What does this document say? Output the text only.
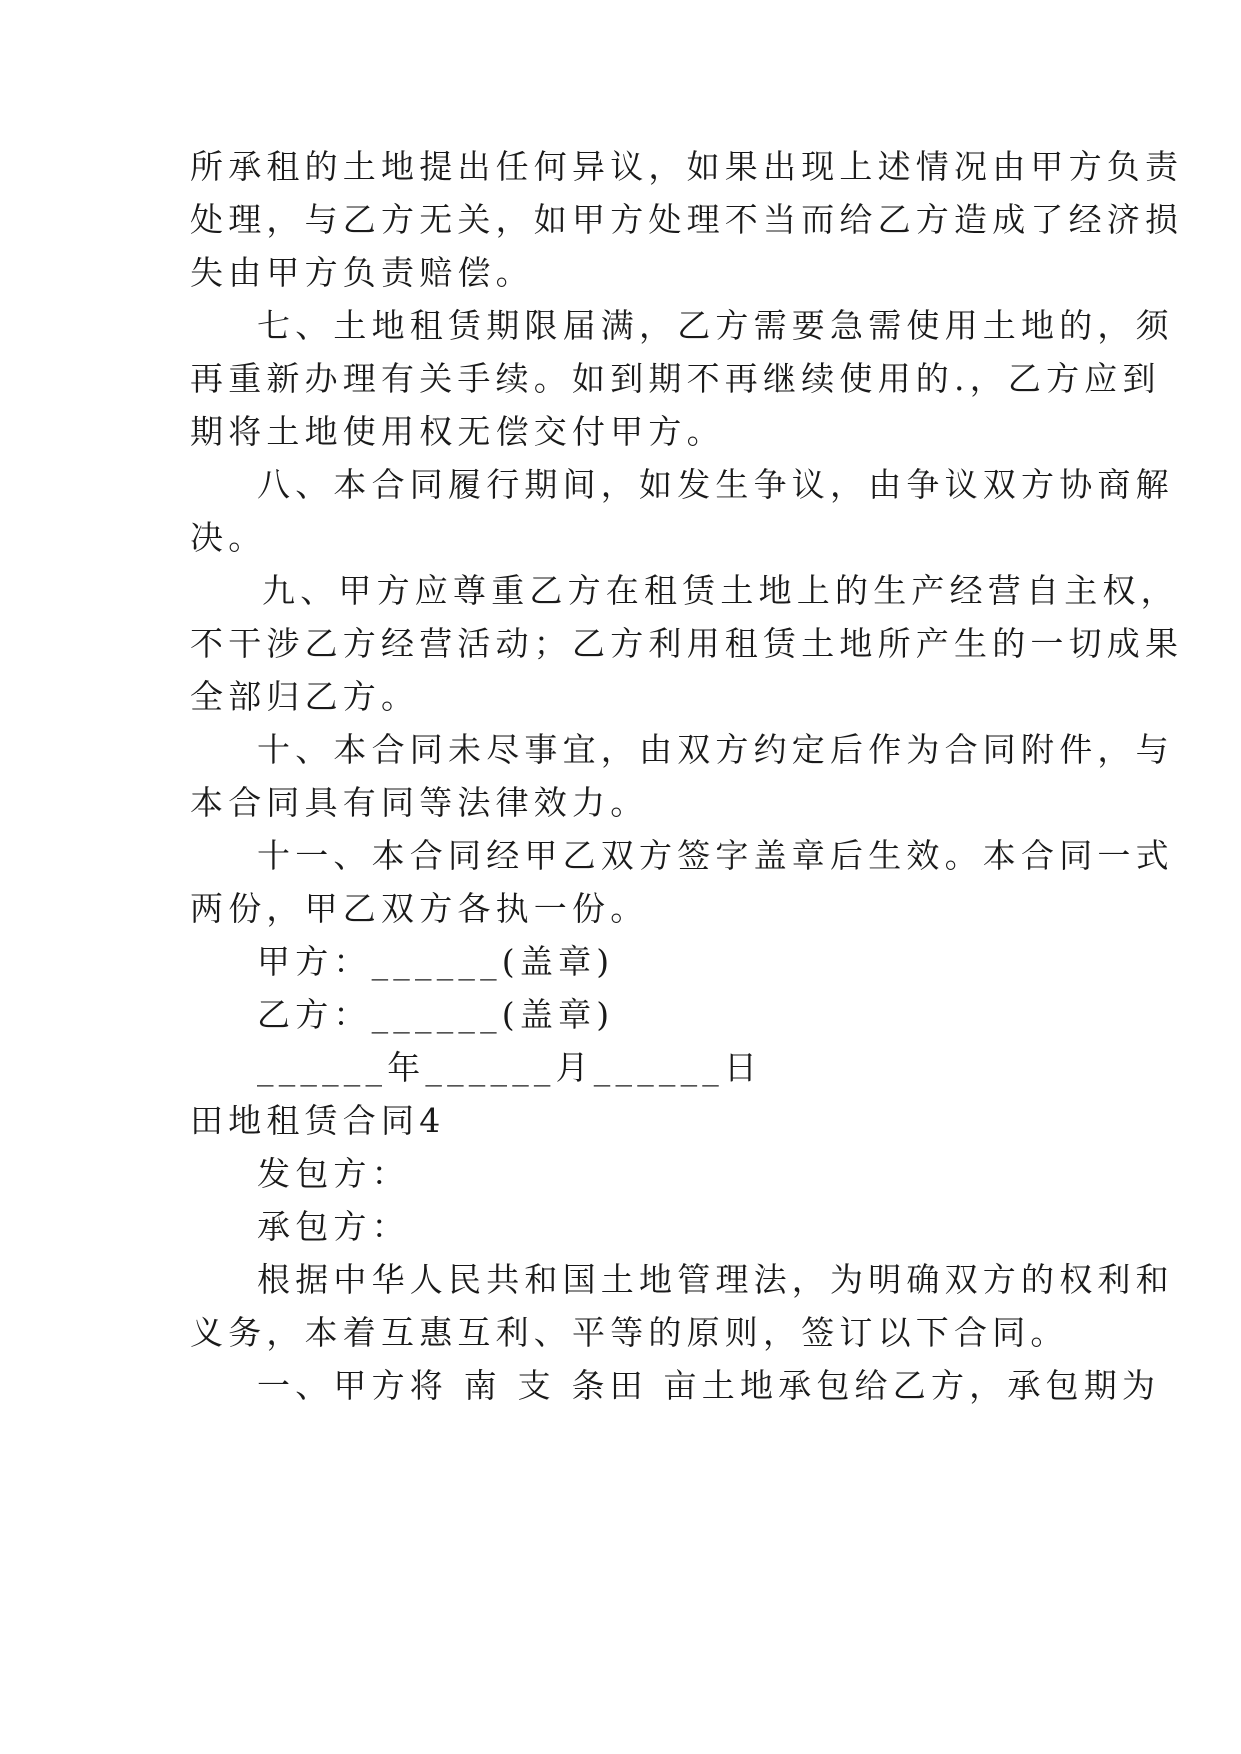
所承租的土地提出任何异议，如果出现上述情况由甲方负责
处理，与乙方无关，如甲方处理不当而给乙方造成了经济损
失由甲方负责赔偿。
七、土地租赁期限届满，乙方需要急需使用土地的，须
再重新办理有关手续。如到期不再继续使用的.，乙方应到
期将土地使用权无偿交付甲方。
八、本合同履行期间，如发生争议，由争议双方协商解
决。
九、甲方应尊重乙方在租赁土地上的生产经营自主权，
不干涉乙方经营活动；乙方利用租赁土地所产生的一切成果
全部归乙方。
十、本合同未尽事宜，由双方约定后作为合同附件，与
本合同具有同等法律效力。
十一、本合同经甲乙双方签字盖章后生效。本合同一式
两份，甲乙双方各执一份。
甲方：______(盖章)
乙方：______(盖章)
______年______月______日
田地租赁合同4
发包方：
承包方：
根据中华人民共和国土地管理法，为明确双方的权利和
义务，本着互惠互利、平等的原则，签订以下合同。
一、甲方将 南 支 条田 亩土地承包给乙方，承包期为
